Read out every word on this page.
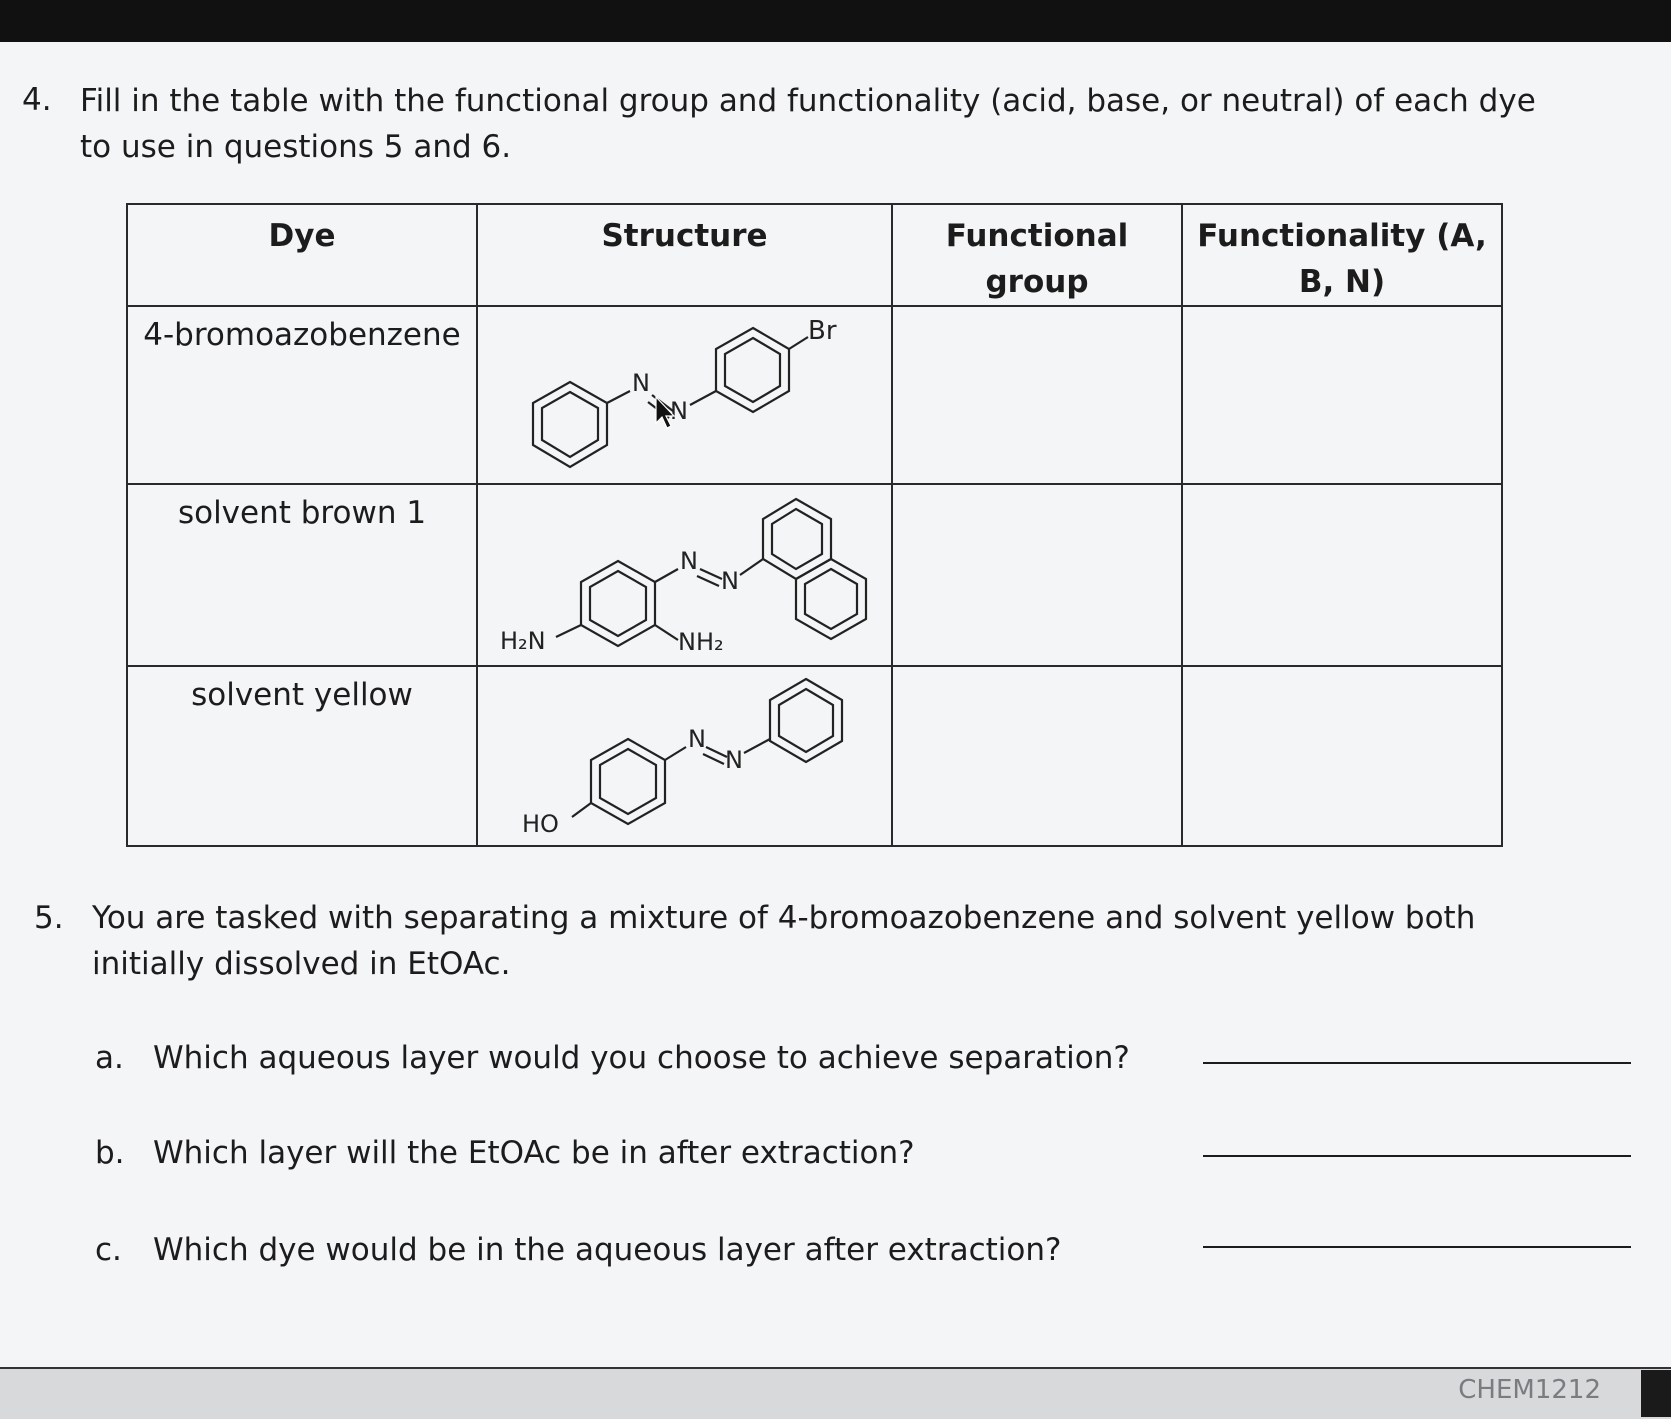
4. Fill in the table with the functional group and functionality (acid, base, or neutral) of each dye to use in questions 5 and 6.
Dye	Structure	Functional group	Functionality (A, B, N)
4-bromoazobenzene	N
N
Br		

solvent brown 1	H₂N NH₂
N
N		

solvent yellow	HO
N
N		

5. You are tasked with separating a mixture of 4-bromoazobenzene and solvent yellow both initially dissolved in EtOAc.
a. Which aqueous layer would you choose to achieve separation?
b. Which layer will the EtOAc be in after extraction?
c. Which dye would be in the aqueous layer after extraction?
CHEM1212
